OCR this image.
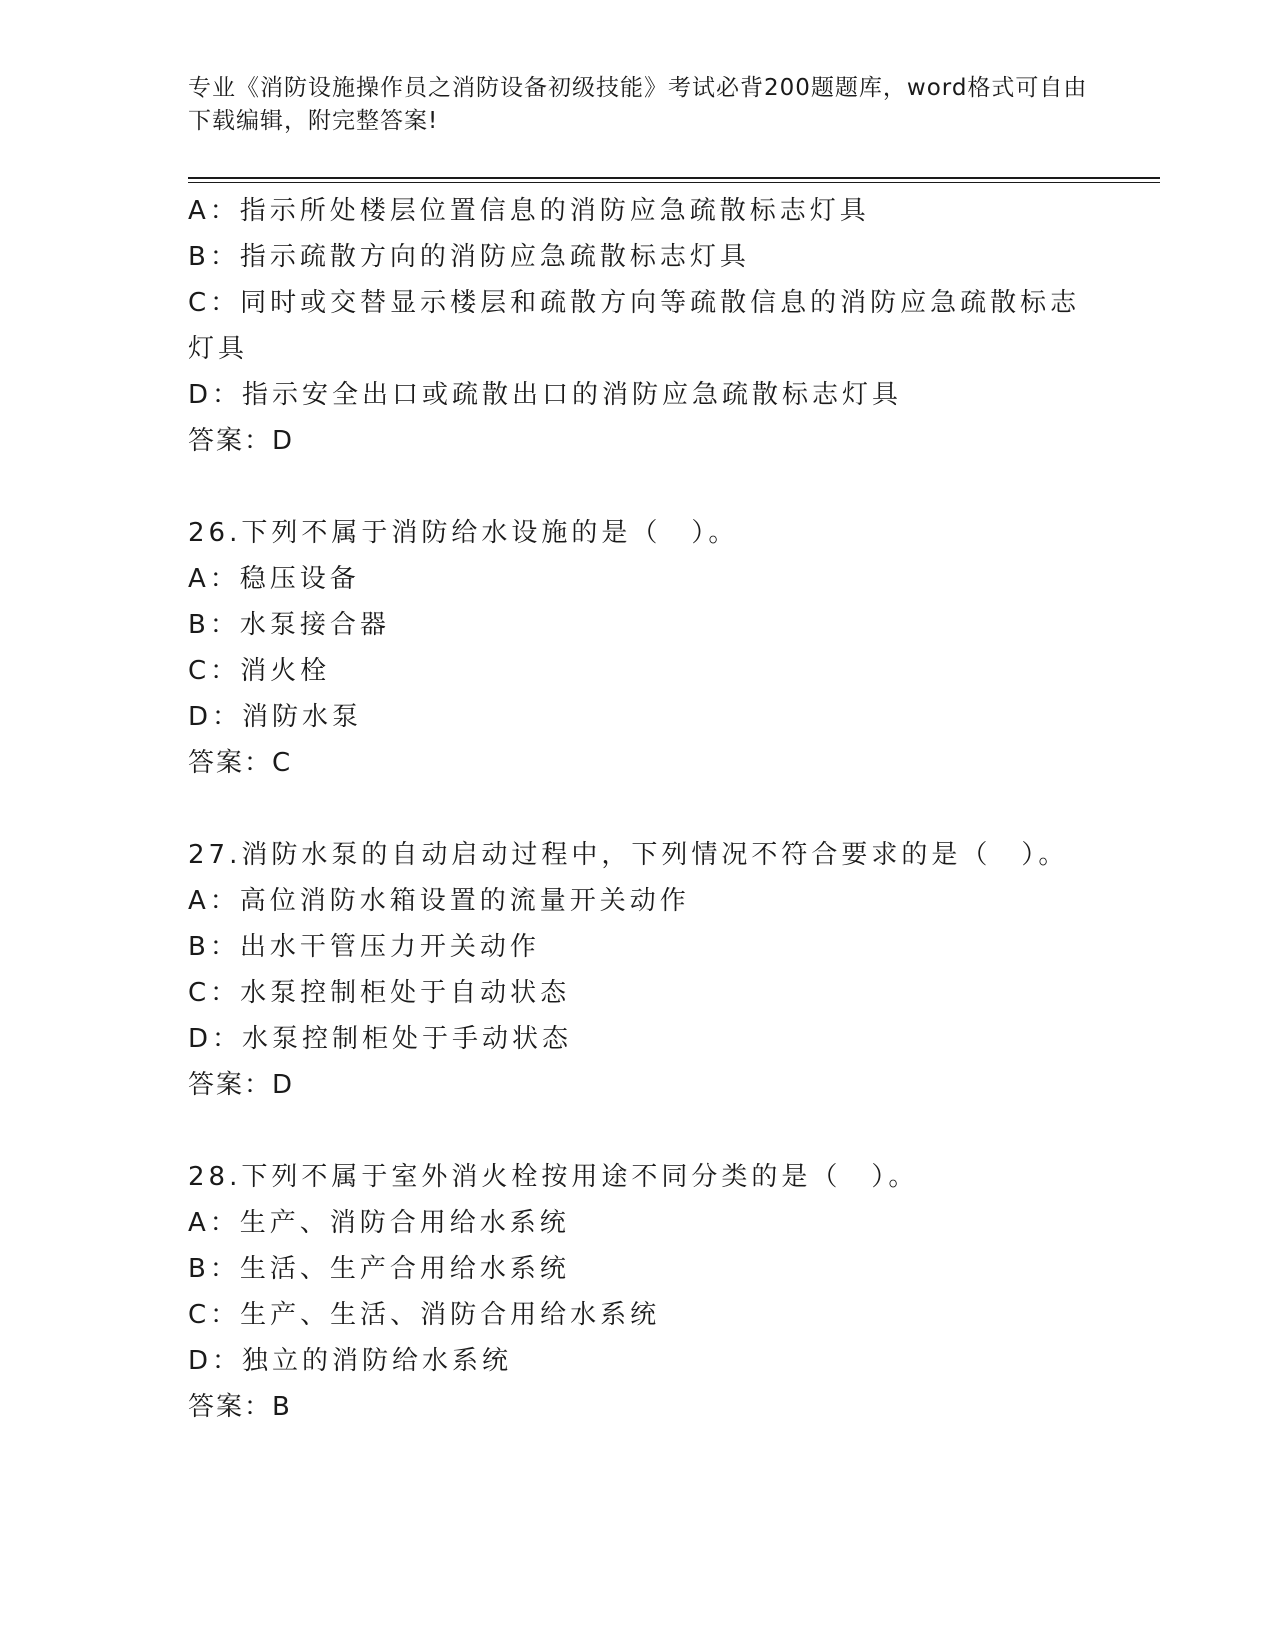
专业《消防设施操作员之消防设备初级技能》考试必背200题题库，word格式可自由下载编辑，附完整答案!
A：指示所处楼层位置信息的消防应急疏散标志灯具
B：指示疏散方向的消防应急疏散标志灯具
C：同时或交替显示楼层和疏散方向等疏散信息的消防应急疏散标志灯具
D：指示安全出口或疏散出口的消防应急疏散标志灯具
答案：D
26.下列不属于消防给水设施的是（　）。
A：稳压设备
B：水泵接合器
C：消火栓
D：消防水泵
答案：C
27.消防水泵的自动启动过程中，下列情况不符合要求的是（　）。
A：高位消防水箱设置的流量开关动作
B：出水干管压力开关动作
C：水泵控制柜处于自动状态
D：水泵控制柜处于手动状态
答案：D
28.下列不属于室外消火栓按用途不同分类的是（　）。
A：生产、消防合用给水系统
B：生活、生产合用给水系统
C：生产、生活、消防合用给水系统
D：独立的消防给水系统
答案：B
